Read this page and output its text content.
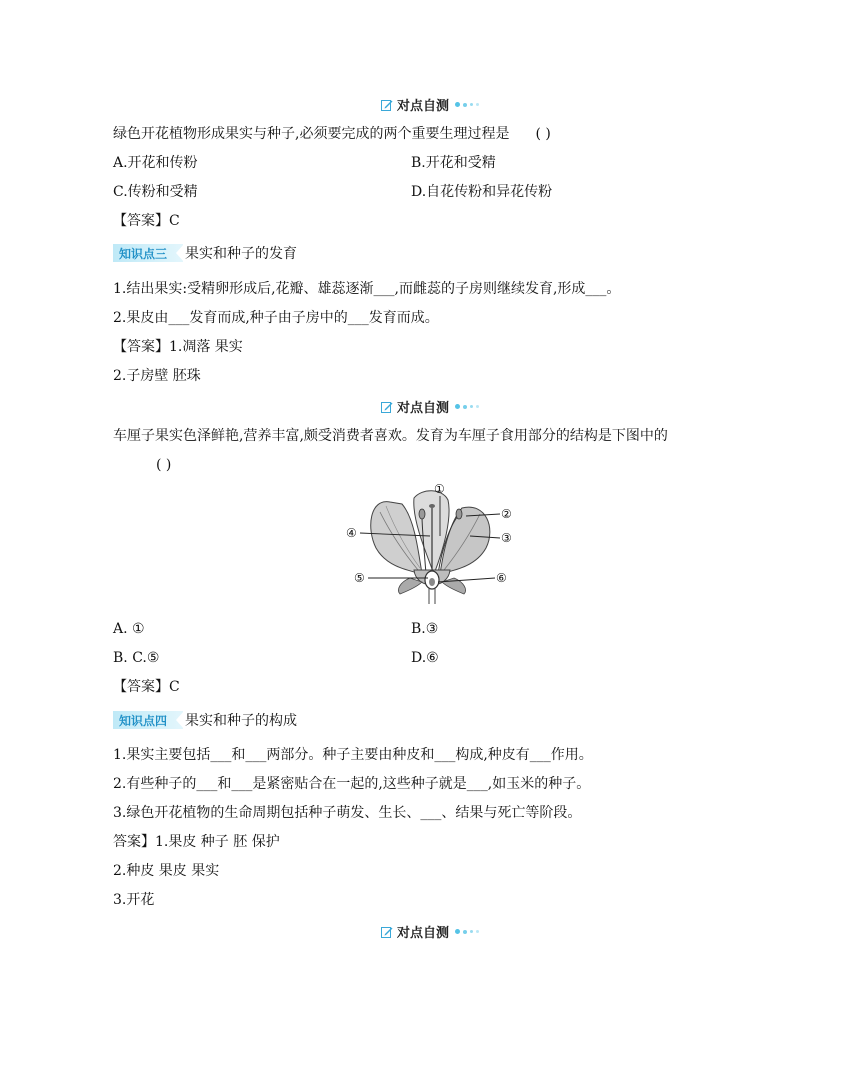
对点自测
绿色开花植物形成果实与种子,必须要完成的两个重要生理过程是 ( )
A.开花和传粉	B.开花和受精
C.传粉和受精	D.自花传粉和异花传粉
【答案】C
知识点三	果实和种子的发育
1.结出果实:受精卵形成后,花瓣、雄蕊逐渐___,而雌蕊的子房则继续发育,形成___。
2.果皮由___发育而成,种子由子房中的___发育而成。
【答案】1.凋落 果实
2.子房壁 胚珠
对点自测
车厘子果实色泽鲜艳,营养丰富,颇受消费者喜欢。发育为车厘子食用部分的结构是下图中的
( )
①
②
③
④
⑤	⑥
A. ①	B.③
B. C.⑤	D.⑥
【答案】C
知识点四	果实和种子的构成
1.果实主要包括___和___两部分。种子主要由种皮和___构成,种皮有___作用。
2.有些种子的___和___是紧密贴合在一起的,这些种子就是___,如玉米的种子。
3.绿色开花植物的生命周期包括种子萌发、生长、___、结果与死亡等阶段。
答案】1.果皮 种子 胚 保护
2.种皮 果皮 果实
3.开花
对点自测
